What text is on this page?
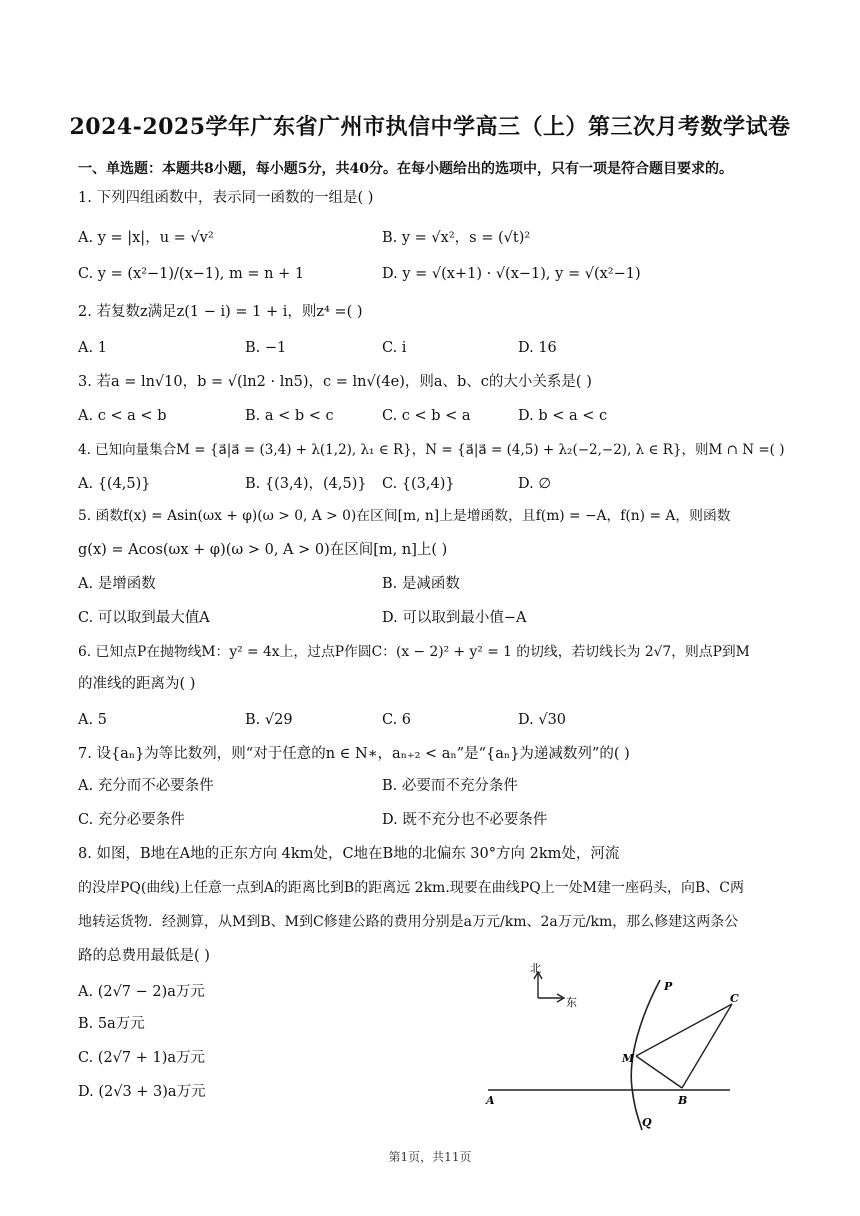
2024-2025学年广东省广州市执信中学高三（上）第三次月考数学试卷
一、单选题：本题共8小题，每小题5分，共40分。在每小题给出的选项中，只有一项是符合题目要求的。
1. 下列四组函数中，表示同一函数的一组是( )
A. y = |x|，u = √v²	B. y = √x²，s = (√t)²
C. y = (x²−1)/(x−1), m = n + 1	D. y = √(x+1) · √(x−1), y = √(x²−1)
2. 若复数z满足z(1 − i) = 1 + i，则z⁴ =( )
A. 1	B. −1	C. i	D. 16
3. 若a = ln√10，b = √(ln2 · ln5)，c = ln√(4e)，则a、b、c的大小关系是( )
A. c < a < b	B. a < b < c	C. c < b < a	D. b < a < c
4. 已知向量集合M = {a⃗|a⃗ = (3,4) + λ(1,2), λ₁ ∈ R}，N = {a⃗|a⃗ = (4,5) + λ₂(−2,−2), λ ∈ R}，则M ∩ N =( )
A. {(4,5)}	B. {(3,4)，(4,5)} C. {(3,4)}	D. ∅
5. 函数f(x) = Asin(ωx + φ)(ω > 0, A > 0)在区间[m, n]上是增函数，且f(m) = −A，f(n) = A，则函数
g(x) = Acos(ωx + φ)(ω > 0, A > 0)在区间[m, n]上( )
A. 是增函数	B. 是减函数
C. 可以取到最大值A	D. 可以取到最小值−A
6. 已知点P在抛物线M：y² = 4x上，过点P作圆C：(x − 2)² + y² = 1 的切线，若切线长为 2√7，则点P到M
的准线的距离为( )
A. 5	B. √29	C. 6	D. √30
7. 设{aₙ}为等比数列，则“对于任意的n ∈ N∗，aₙ₊₂ < aₙ”是“{aₙ}为递减数列”的( )
A. 充分而不必要条件	B. 必要而不充分条件
C. 充分必要条件	D. 既不充分也不必要条件
8. 如图，B地在A地的正东方向 4km处，C地在B地的北偏东 30°方向 2km处，河流
的没岸PQ(曲线)上任意一点到A的距离比到B的距离远 2km.现要在曲线PQ上一处M建一座码头，向B、C两
地转运货物．经测算，从M到B、M到C修建公路的费用分别是a万元/km、2a万元/km，那么修建这两条公
路的总费用最低是( )
A. (2√7 − 2)a万元
B. 5a万元
C. (2√7 + 1)a万元
D. (2√3 + 3)a万元
北
东
P
Q
M
B
C
A
第1页，共11页
